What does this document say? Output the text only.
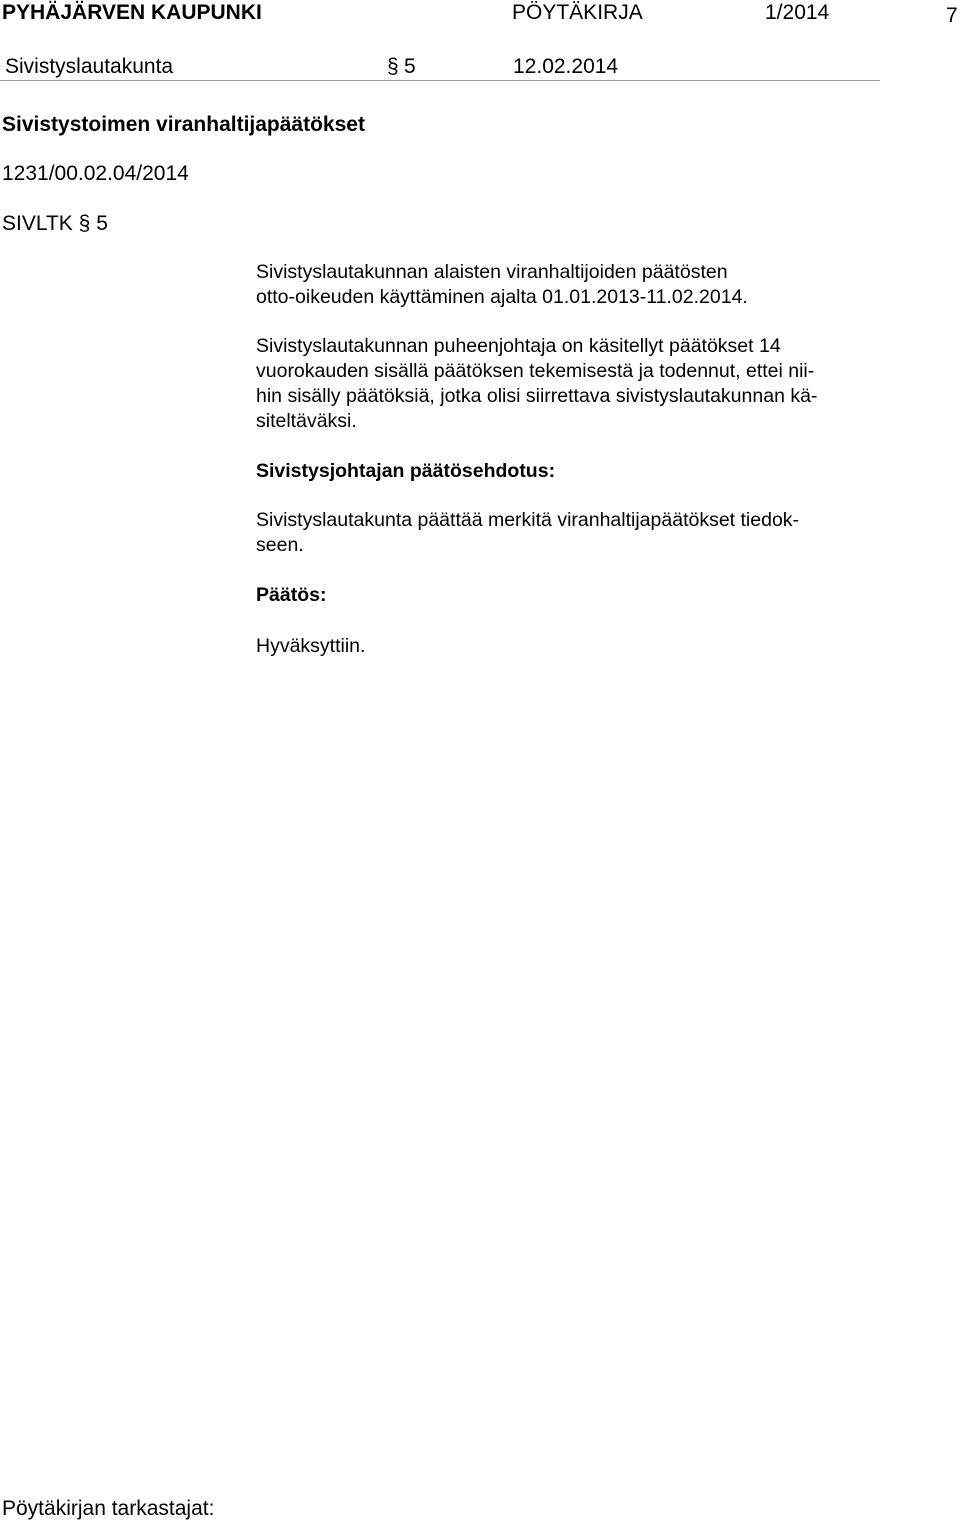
PYHÄJÄRVEN KAUPUNKI	PÖYTÄKIRJA	1/2014	7
Sivistyslautakunta	§ 5	12.02.2014
Sivistystoimen viranhaltijapäätökset
1231/00.02.04/2014
SIVLTK § 5
Sivistyslautakunnan alaisten viranhaltijoiden päätösten
otto-oikeuden käyttäminen ajalta 01.01.2013-11.02.2014.
Sivistyslautakunnan puheenjohtaja on käsitellyt päätökset 14
vuorokauden sisällä päätöksen tekemisestä ja todennut, ettei nii-
hin sisälly päätöksiä, jotka olisi siirrettava sivistyslautakunnan kä-
siteltäväksi.
Sivistysjohtajan päätösehdotus:
Sivistyslautakunta päättää merkitä viranhaltijapäätökset tiedok-
seen.
Päätös:
Hyväksyttiin.
Pöytäkirjan tarkastajat:
